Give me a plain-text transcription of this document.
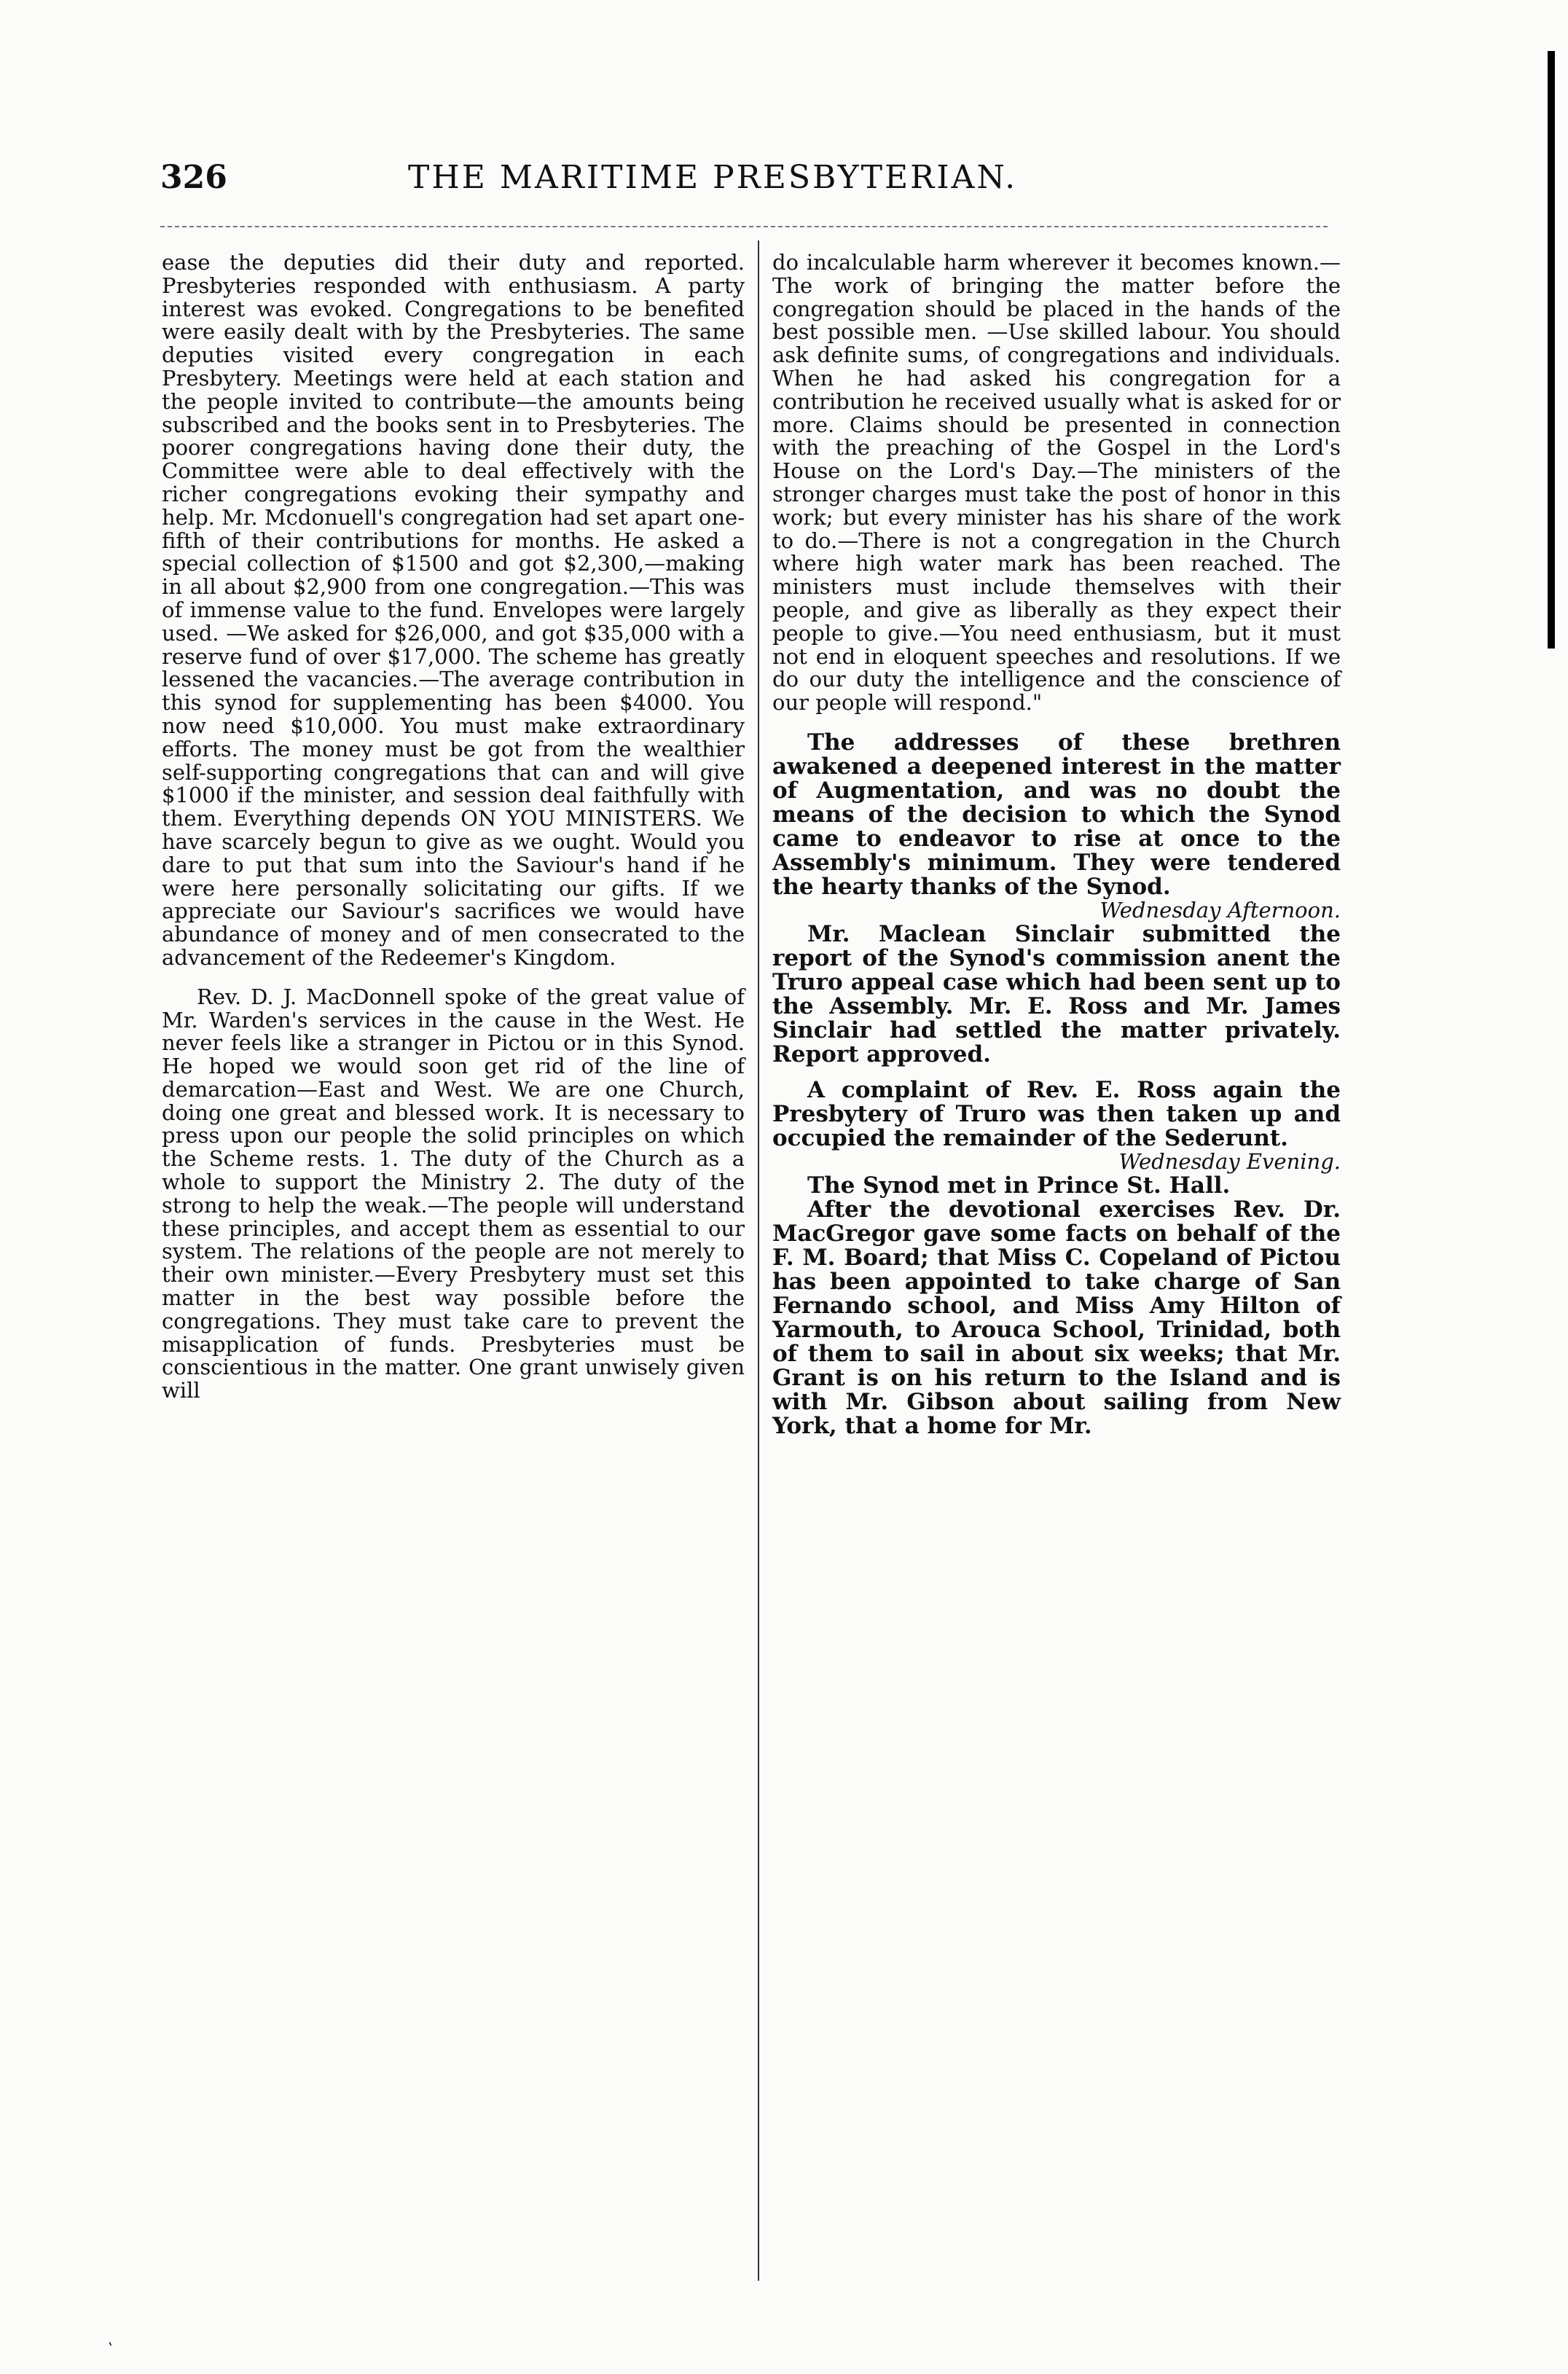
326	THE MARITIME PRESBYTERIAN.

ease the deputies did their duty and reported. Presbyteries responded with enthusiasm. A party interest was evoked. Congregations to be benefited were easily dealt with by the Presbyteries. The same deputies visited every congregation in each Presbytery. Meetings were held at each station and the people invited to contribute—the amounts being subscribed and the books sent in to Presbyteries. The poorer congregations having done their duty, the Committee were able to deal effectively with the richer congregations evoking their sympathy and help. Mr. Mcdonuell's congregation had set apart one-fifth of their contributions for months. He asked a special collection of $1500 and got $2,300,—making in all about $2,900 from one congregation.—This was of immense value to the fund. Envelopes were largely used. —We asked for $26,000, and got $35,000 with a reserve fund of over $17,000. The scheme has greatly lessened the vacancies.—The average contribution in this synod for supplementing has been $4000. You now need $10,000. You must make extraordinary efforts. The money must be got from the wealthier self-supporting congregations that can and will give $1000 if the minister, and session deal faithfully with them. Everything depends ON YOU MINISTERS. We have scarcely begun to give as we ought. Would you dare to put that sum into the Saviour's hand if he were here personally solicitating our gifts. If we appreciate our Saviour's sacrifices we would have abundance of money and of men consecrated to the advancement of the Redeemer's Kingdom.

Rev. D. J. MacDonnell spoke of the great value of Mr. Warden's services in the cause in the West. He never feels like a stranger in Pictou or in this Synod. He hoped we would soon get rid of the line of demarcation—East and West. We are one Church, doing one great and blessed work. It is necessary to press upon our people the solid principles on which the Scheme rests. 1. The duty of the Church as a whole to support the Ministry 2. The duty of the strong to help the weak.—The people will understand these principles, and accept them as essential to our system. The relations of the people are not merely to their own minister.—Every Presbytery must set this matter in the best way possible before the congregations. They must take care to prevent the misapplication of funds. Presbyteries must be conscientious in the matter. One grant unwisely given will

do incalculable harm wherever it becomes known.—The work of bringing the matter before the congregation should be placed in the hands of the best possible men. —Use skilled labour. You should ask definite sums, of congregations and individuals. When he had asked his congregation for a contribution he received usually what is asked for or more. Claims should be presented in connection with the preaching of the Gospel in the Lord's House on the Lord's Day.—The ministers of the stronger charges must take the post of honor in this work; but every minister has his share of the work to do.—There is not a congregation in the Church where high water mark has been reached. The ministers must include themselves with their people, and give as liberally as they expect their people to give.—You need enthusiasm, but it must not end in eloquent speeches and resolutions. If we do our duty the intelligence and the conscience of our people will respond."

The addresses of these brethren awakened a deepened interest in the matter of Augmentation, and was no doubt the means of the decision to which the Synod came to endeavor to rise at once to the Assembly's minimum. They were tendered the hearty thanks of the Synod.

Wednesday Afternoon.

Mr. Maclean Sinclair submitted the report of the Synod's commission anent the Truro appeal case which had been sent up to the Assembly. Mr. E. Ross and Mr. James Sinclair had settled the matter privately. Report approved.

A complaint of Rev. E. Ross again the Presbytery of Truro was then taken up and occupied the remainder of the Sederunt.

Wednesday Evening.

The Synod met in Prince St. Hall.

After the devotional exercises Rev. Dr. MacGregor gave some facts on behalf of the F. M. Board; that Miss C. Copeland of Pictou has been appointed to take charge of San Fernando school, and Miss Amy Hilton of Yarmouth, to Arouca School, Trinidad, both of them to sail in about six weeks; that Mr. Grant is on his return to the Island and is with Mr. Gibson about sailing from New York, that a home for Mr.

ʽ
